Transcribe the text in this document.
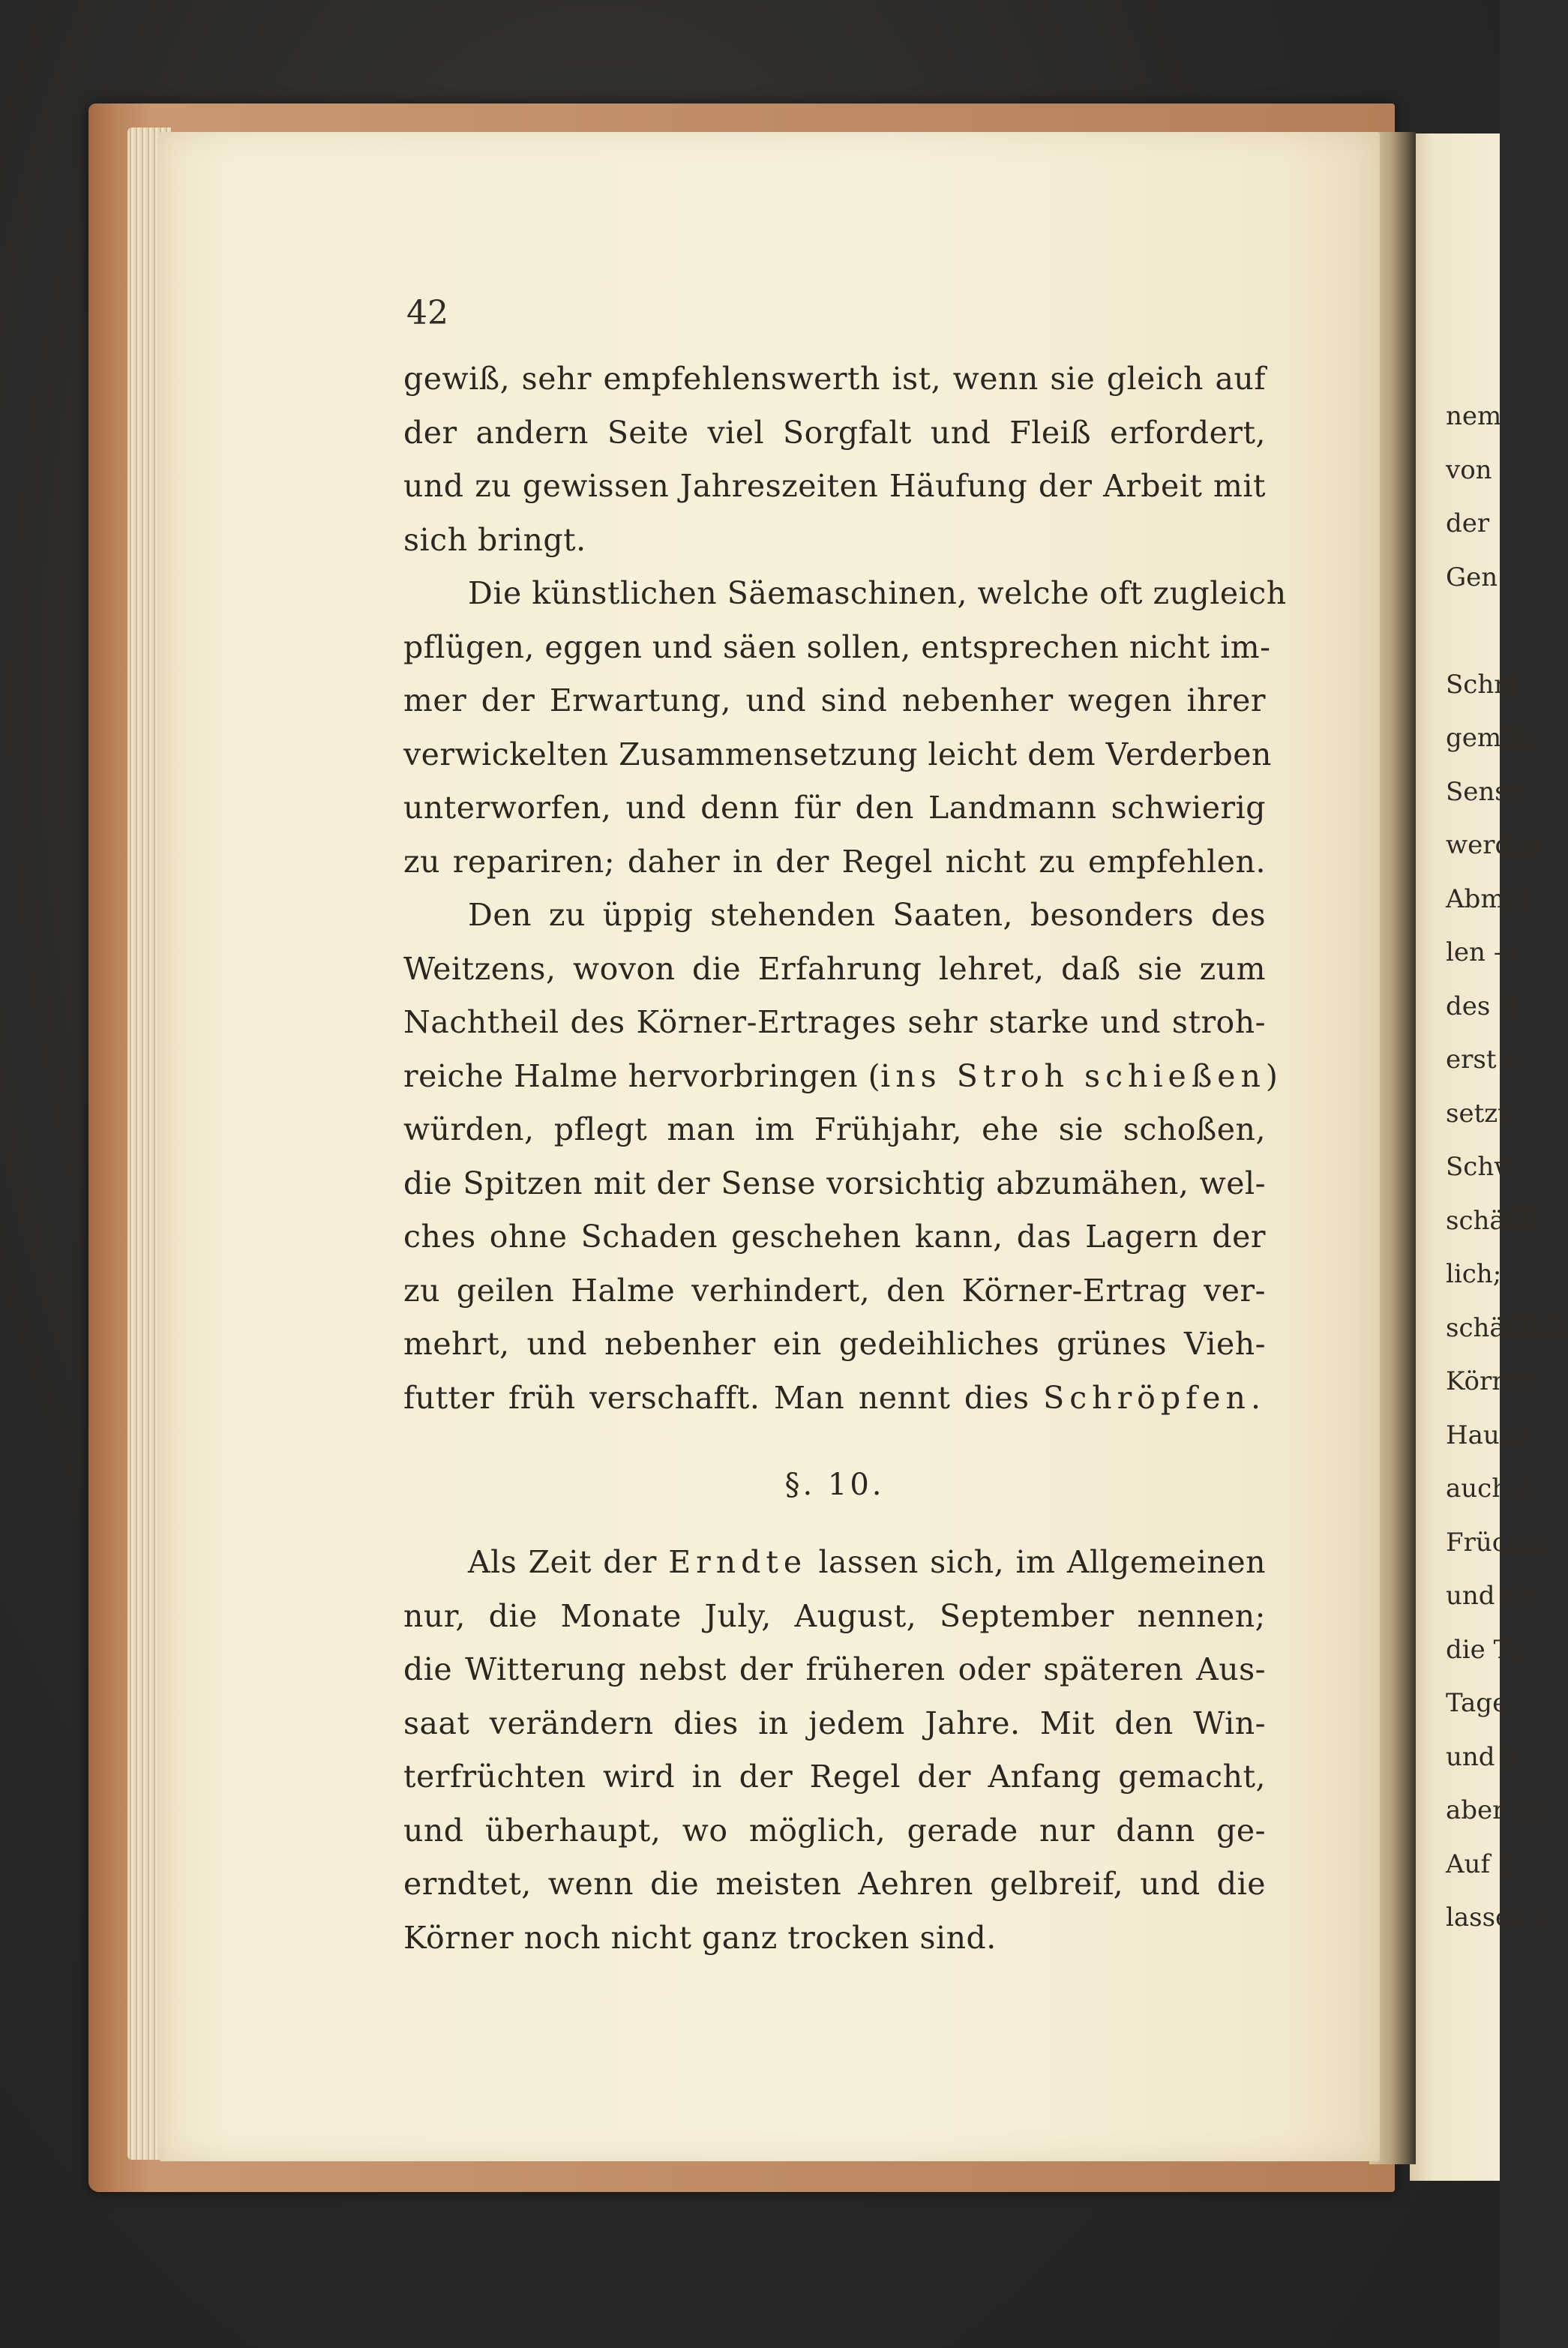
42
gewiß, sehr empfehlenswerth ist, wenn sie gleich auf
der andern Seite viel Sorgfalt und Fleiß erfordert,
und zu gewissen Jahreszeiten Häufung der Arbeit mit
sich bringt.
Die künstlichen Säemaschinen, welche oft zugleich
pflügen, eggen und säen sollen, entsprechen nicht im-
mer der Erwartung, und sind nebenher wegen ihrer
verwickelten Zusammensetzung leicht dem Verderben
unterworfen, und denn für den Landmann schwierig
zu repariren; daher in der Regel nicht zu empfehlen.
Den zu üppig stehenden Saaten, besonders des
Weitzens, wovon die Erfahrung lehret, daß sie zum
Nachtheil des Körner-Ertrages sehr starke und stroh-
reiche Halme hervorbringen (ins Stroh schießen)
würden, pflegt man im Frühjahr, ehe sie schoßen,
die Spitzen mit der Sense vorsichtig abzumähen, wel-
ches ohne Schaden geschehen kann, das Lagern der
zu geilen Halme verhindert, den Körner-Ertrag ver-
mehrt, und nebenher ein gedeihliches grünes Vieh-
futter früh verschafft. Man nennt dies Schröpfen.
§. 10.
Als Zeit der Erndte lassen sich, im Allgemeinen
nur, die Monate July, August, September nennen;
die Witterung nebst der früheren oder späteren Aus-
saat verändern dies in jedem Jahre. Mit den Win-
terfrüchten wird in der Regel der Anfang gemacht,
und überhaupt, wo möglich, gerade nur dann ge-
erndtet, wenn die meisten Aehren gelbreif, und die
Körner noch nicht ganz trocken sind.
nem
von
der
Gen
Schni
gemäh
Sense
werden
Abmäl
len —
des G
erst a
setzt
Schw
schädli
lich;
schädlich
Körner.
Hause
auch d
Früchte
und de
die Te
Tage
und 3
aber nu
Auf 3
lassen s
